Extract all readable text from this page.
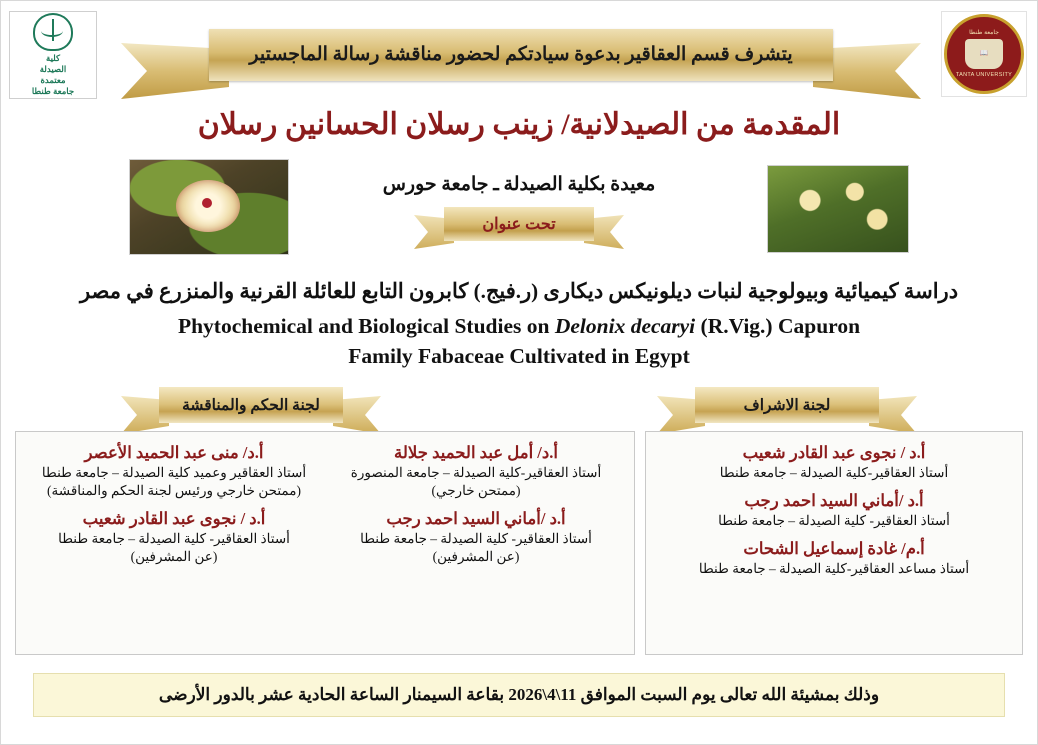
كلية
الصيدلة
معتمدة
جامعة طنطا
جامعة طنطا
📖
TANTA UNIVERSITY
يتشرف قسم العقاقير بدعوة سيادتكم لحضور مناقشة رسالة الماجستير
المقدمة من الصيدلانية/ زينب رسلان الحسانين رسلان
معيدة بكلية الصيدلة ـ جامعة حورس
تحت عنوان
دراسة كيميائية وبيولوجية لنبات ديلونيكس ديكارى (ر.فيج.) كابرون التابع للعائلة القرنية والمنزرع في مصر
Phytochemical and Biological Studies on Delonix decaryi (R.Vig.) Capuron
Family Fabaceae Cultivated in Egypt
لجنة الحكم والمناقشة	لجنة الاشراف
أ.د / نجوى عبد القادر شعيب
أستاذ العقاقير-كلية الصيدلة – جامعة طنطا
أ.د /أماني السيد احمد رجب
أستاذ العقاقير- كلية الصيدلة – جامعة طنطا
أ.م/ غادة إسماعيل الشحات
أستاذ مساعد العقاقير-كلية الصيدلة – جامعة طنطا
أ.د/ أمل عبد الحميد جلالة
أستاذ العقاقير-كلية الصيدلة – جامعة المنصورة
(ممتحن خارجي)
أ.د /أماني السيد احمد رجب
أستاذ العقاقير- كلية الصيدلة – جامعة طنطا
(عن المشرفين)
أ.د/ منى عبد الحميد الأعصر
أستاذ العقاقير وعميد كلية الصيدلة – جامعة طنطا
(ممتحن خارجي ورئيس لجنة الحكم والمناقشة)
أ.د / نجوى عبد القادر شعيب
أستاذ العقاقير- كلية الصيدلة – جامعة طنطا
(عن المشرفين)
وذلك بمشيئة الله تعالى يوم السبت الموافق 11\4\2026 بقاعة السيمنار الساعة الحادية عشر بالدور الأرضى
